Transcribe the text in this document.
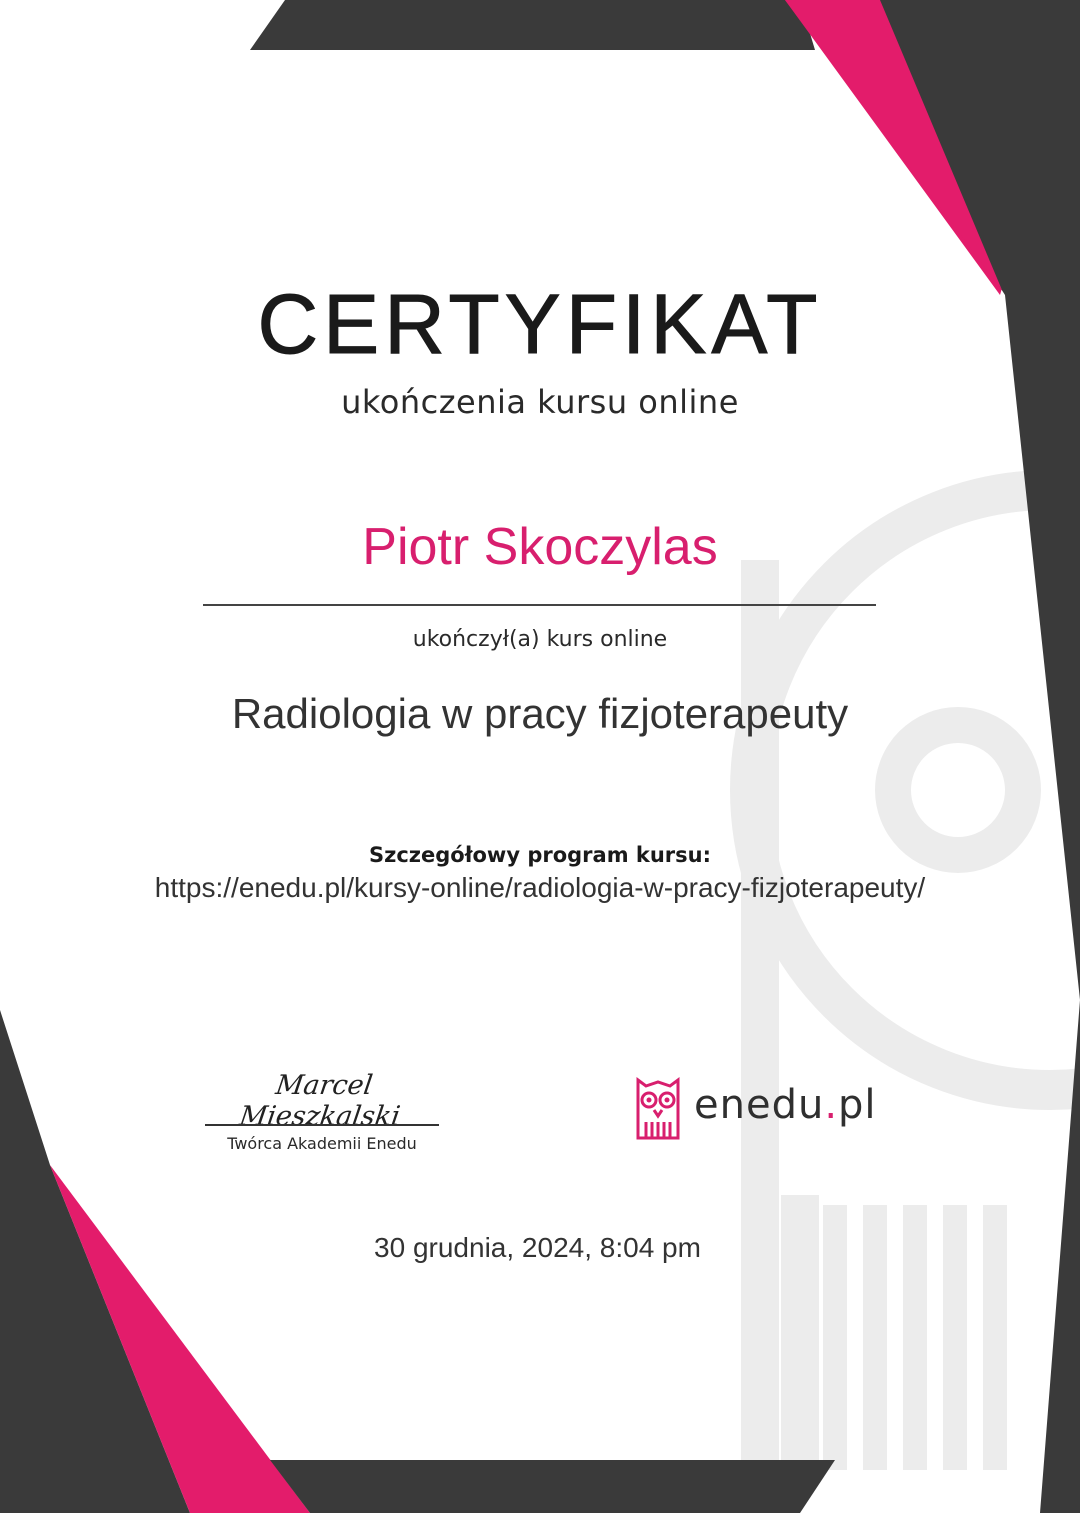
CERTYFIKAT
ukończenia kursu online
Piotr Skoczylas
ukończył(a) kurs online
Radiologia w pracy fizjoterapeuty
Szczegółowy program kursu:
https://enedu.pl/kursy-online/radiologia-w-pracy-fizjoterapeuty/
Marcel Mieszkalski
Twórca Akademii Enedu
enedu.pl
30 grudnia, 2024, 8:04 pm
